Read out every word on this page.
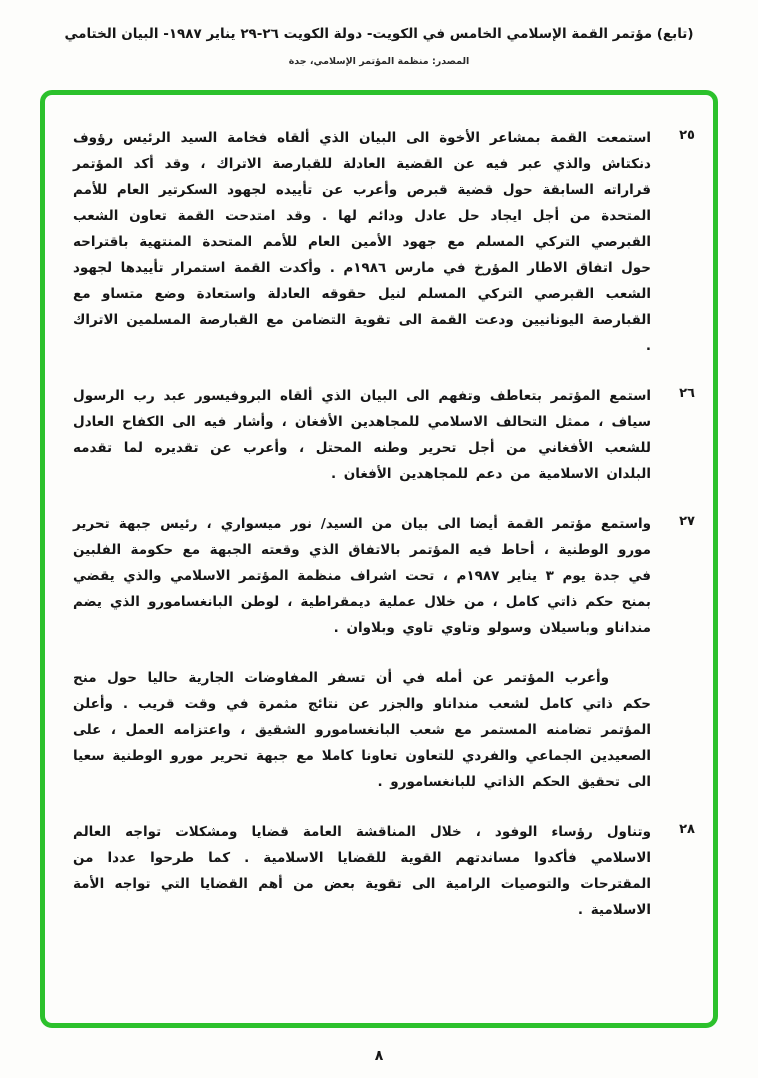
(تابع) مؤتمر القمة الإسلامي الخامس في الكويت- دولة الكويت ٢٦-٢٩ يناير ١٩٨٧- البيان الختامي
المصدر: منظمة المؤتمر الإسلامي، جدة
٢٥
استمعت القمة بمشاعر الأخوة الى البيان الذي ألقاه فخامة السيد الرئيس رؤوف دنكتاش والذي عبر فيه عن القضية العادلة للقبارصة الاتراك ، وقد أكد المؤتمر قراراته السابقة حول قضية قبرص وأعرب عن تأييده لجهود السكرتير العام للأمم المتحدة من أجل ايجاد حل عادل ودائم لها . وقد امتدحت القمة تعاون الشعب القبرصي التركي المسلم مع جهود الأمين العام للأمم المتحدة المنتهية باقتراحه حول اتفاق الاطار المؤرخ في مارس ١٩٨٦م . وأكدت القمة استمرار تأييدها لجهود الشعب القبرصي التركي المسلم لنيل حقوقه العادلة واستعادة وضع متساو مع القبارصة اليونانيين ودعت القمة الى تقوية التضامن مع القبارصة المسلمين الاتراك .
٢٦
استمع المؤتمر بتعاطف وتفهم الى البيان الذي ألقاه البروفيسور عبد رب الرسول سياف ، ممثل التحالف الاسلامي للمجاهدين الأفغان ، وأشار فيه الى الكفاح العادل للشعب الأفغاني من أجل تحرير وطنه المحتل ، وأعرب عن تقديره لما تقدمه البلدان الاسلامية من دعم للمجاهدين الأفغان .
٢٧
واستمع مؤتمر القمة أيضا الى بيان من السيد/ نور ميسواري ، رئيس جبهة تحرير مورو الوطنية ، أحاط فيه المؤتمر بالاتفاق الذي وقعته الجبهة مع حكومة الفلبين في جدة يوم ٣ يناير ١٩٨٧م ، تحت اشراف منظمة المؤتمر الاسلامي والذي يقضي بمنح حكم ذاتي كامل ، من خلال عملية ديمقراطية ، لوطن البانغسامورو الذي يضم منداناو وباسيلان وسولو وتاوي تاوي وبلاوان .
وأعرب المؤتمر عن أمله في أن تسفر المفاوضات الجارية حاليا حول منح حكم ذاتي كامل لشعب منداناو والجزر عن نتائج مثمرة في وقت قريب . وأعلن المؤتمر تضامنه المستمر مع شعب البانغسامورو الشقيق ، واعتزامه العمل ، على الصعيدين الجماعي والفردي للتعاون تعاونا كاملا مع جبهة تحرير مورو الوطنية سعيا الى تحقيق الحكم الذاتي للبانغسامورو .
٢٨
وتناول رؤساء الوفود ، خلال المناقشة العامة قضايا ومشكلات تواجه العالم الاسلامي فأكدوا مساندتهم القوية للقضايا الاسلامية . كما طرحوا عددا من المقترحات والتوصيات الرامية الى تقوية بعض من أهم القضايا التي تواجه الأمة الاسلامية .
٨
